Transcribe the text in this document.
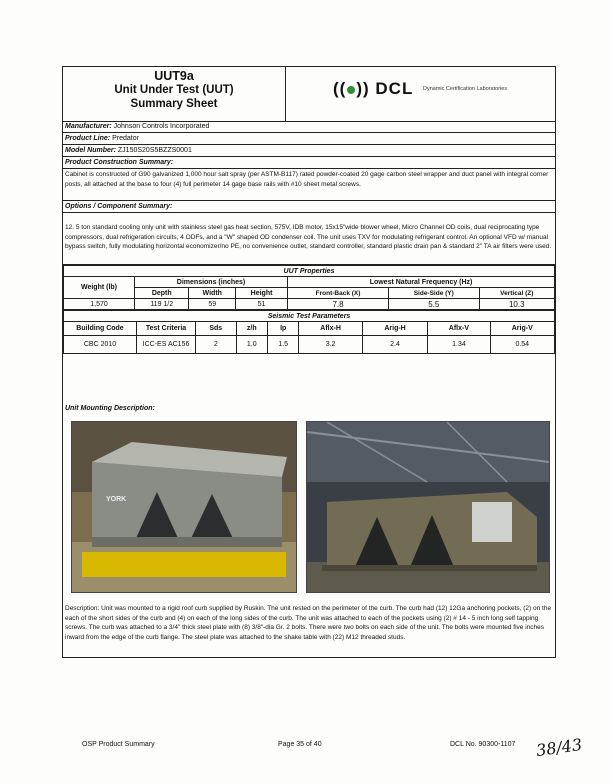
UUT9a
Unit Under Test (UUT)
Summary Sheet
(( )) DCL Dynamic Certification Laboratories
Manufacturer: Johnson Controls Incorporated
Product Line: Predator
Model Number: ZJ150S20S5BZZS0001
Product Construction Summary:
Cabinet is constructed of G90 galvanized 1,000 hour salt spray (per ASTM-B117) rated powder-coated 20 gage carbon steel wrapper and duct panel with integral corner posts, all attached at the base to four (4) full perimeter 14 gage base rails with #10 sheet metal screws.
Options / Component Summary:
12. 5 ton standard cooling only unit with stainless steel gas heat section, 575V, IDB motor, 15x15"wide blower wheel, Micro Channel OD coils, dual reciprocating type compressors, dual refrigeration circuits, 4 ODFs, and a "W" shaped OD condenser coil. The unit uses TXV for modulating refrigerant control. An optional VFD w/ manual bypass switch, fully modulating horizontal economizer/no PE, no convenience outlet, standard controller, standard plastic drain pan & standard 2" TA air filters were used.
UUT Properties						
Weight (lb)	Dimensions (inches)			Lowest Natural Frequency (Hz)		
	Depth	Width	Height	Front-Back (X)	Side-Side (Y)	Vertical (Z)
1,570	119 1/2	59	51	7.8	5.5	10.3
Seismic Test Parameters								
Building Code	Test Criteria	Sds	z/h	Ip	Aflx-H	Arig-H	Aflx-V	Arig-V
CBC 2010	ICC-ES AC156	2	1.0	1.5	3.2	2.4	1.34	0.54
Unit Mounting Description:
YORK
Description: Unit was mounted to a rigid roof curb supplied by Ruskin. The unit rested on the perimeter of the curb. The curb had (12) 12Ga anchoring pockets, (2) on the each of the short sides of the curb and (4) on each of the long sides of the curb. The unit was attached to each of the pockets using (2) # 14 - 5 inch long self tapping screws. The curb was attached to a 3/4" thick steel plate with (8) 3/8"-dia Gr. 2 bolts. There were two bolts on each side of the unit. The bolts were mounted five inches inward from the edge of the curb flange. The steel plate was attached to the shake table with (22) M12 threaded studs.
OSP Product Summary	Page 35 of 40	DCL No. 90300-1107 38/43
